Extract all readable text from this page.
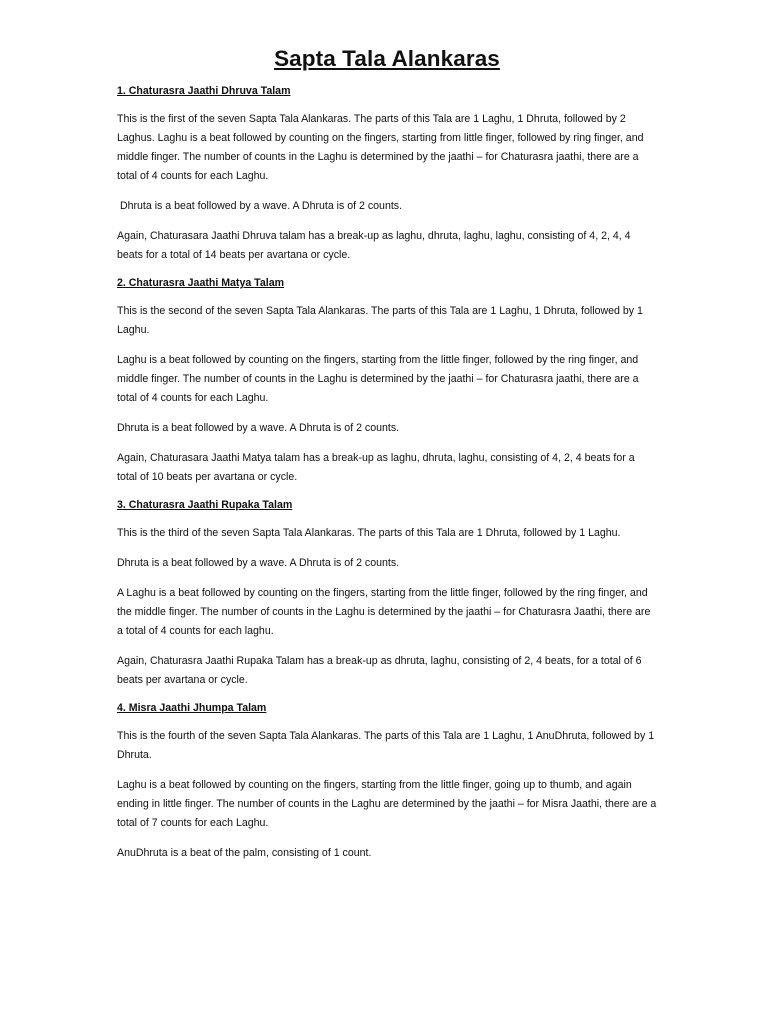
Sapta Tala Alankaras
1. Chaturasra Jaathi Dhruva Talam

This is the first of the seven Sapta Tala Alankaras. The parts of this Tala are 1 Laghu, 1 Dhruta, followed by 2 Laghus. Laghu is a beat followed by counting on the fingers, starting from little finger, followed by ring finger, and middle finger. The number of counts in the Laghu is determined by the jaathi – for Chaturasra jaathi, there are a total of 4 counts for each Laghu.

Dhruta is a beat followed by a wave. A Dhruta is of 2 counts.

Again, Chaturasara Jaathi Dhruva talam has a break-up as laghu, dhruta, laghu, laghu, consisting of 4, 2, 4, 4 beats for a total of 14 beats per avartana or cycle.

2. Chaturasra Jaathi Matya Talam

This is the second of the seven Sapta Tala Alankaras. The parts of this Tala are 1 Laghu, 1 Dhruta, followed by 1 Laghu.

Laghu is a beat followed by counting on the fingers, starting from the little finger, followed by the ring finger, and middle finger. The number of counts in the Laghu is determined by the jaathi – for Chaturasra jaathi, there are a total of 4 counts for each Laghu.

Dhruta is a beat followed by a wave. A Dhruta is of 2 counts.

Again, Chaturasara Jaathi Matya talam has a break-up as laghu, dhruta, laghu, consisting of 4, 2, 4 beats for a total of 10 beats per avartana or cycle.

3. Chaturasra Jaathi Rupaka Talam

This is the third of the seven Sapta Tala Alankaras. The parts of this Tala are 1 Dhruta, followed by 1 Laghu.

Dhruta is a beat followed by a wave. A Dhruta is of 2 counts.

A Laghu is a beat followed by counting on the fingers, starting from the little finger, followed by the ring finger, and the middle finger. The number of counts in the Laghu is determined by the jaathi – for Chaturasra Jaathi, there are a total of 4 counts for each laghu.

Again, Chaturasra Jaathi Rupaka Talam has a break-up as dhruta, laghu, consisting of 2, 4 beats, for a total of 6 beats per avartana or cycle.

4. Misra Jaathi Jhumpa Talam

This is the fourth of the seven Sapta Tala Alankaras. The parts of this Tala are 1 Laghu, 1 AnuDhruta, followed by 1 Dhruta.

Laghu is a beat followed by counting on the fingers, starting from the little finger, going up to thumb, and again ending in little finger. The number of counts in the Laghu are determined by the jaathi – for Misra Jaathi, there are a total of 7 counts for each Laghu.

AnuDhruta is a beat of the palm, consisting of 1 count.
